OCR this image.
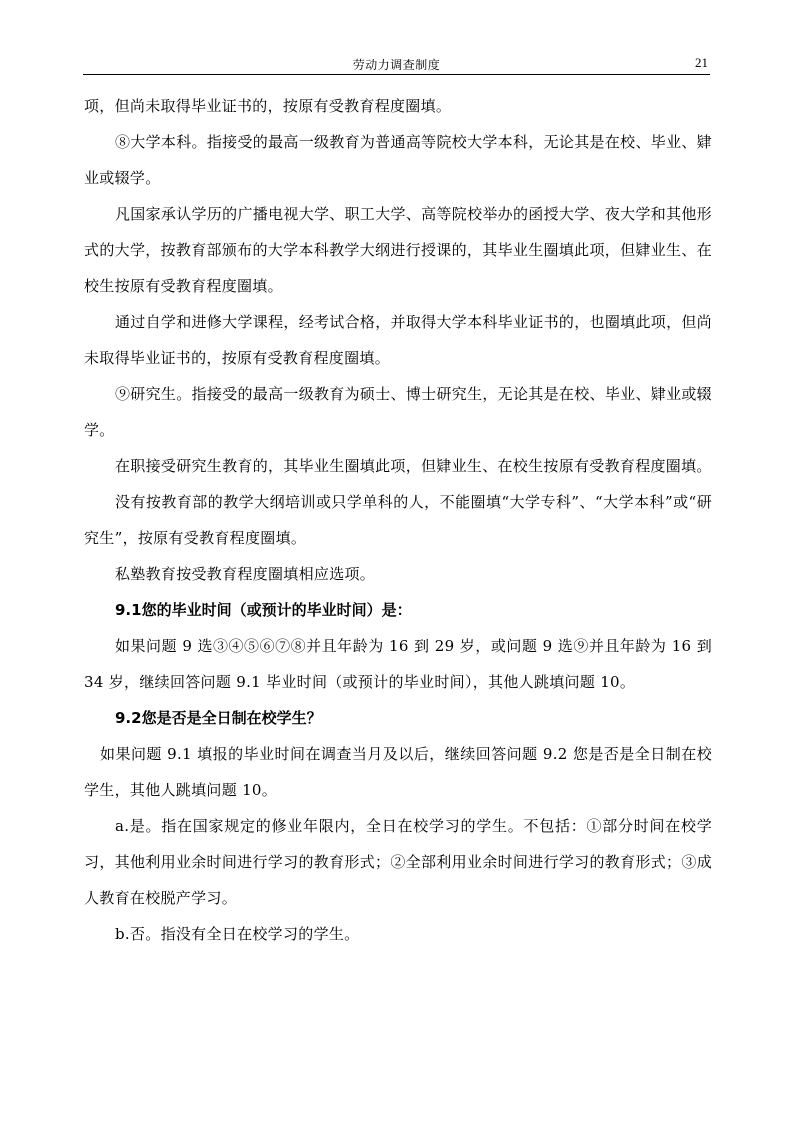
劳动力调查制度	21

项，但尚未取得毕业证书的，按原有受教育程度圈填。

⑧大学本科。指接受的最高一级教育为普通高等院校大学本科，无论其是在校、毕业、肄业或辍学。

凡国家承认学历的广播电视大学、职工大学、高等院校举办的函授大学、夜大学和其他形式的大学，按教育部颁布的大学本科教学大纲进行授课的，其毕业生圈填此项，但肄业生、在校生按原有受教育程度圈填。

通过自学和进修大学课程，经考试合格，并取得大学本科毕业证书的，也圈填此项，但尚未取得毕业证书的，按原有受教育程度圈填。

⑨研究生。指接受的最高一级教育为硕士、博士研究生，无论其是在校、毕业、肄业或辍学。

在职接受研究生教育的，其毕业生圈填此项，但肄业生、在校生按原有受教育程度圈填。

没有按教育部的教学大纲培训或只学单科的人，不能圈填“大学专科”、“大学本科”或“研究生”，按原有受教育程度圈填。

私塾教育按受教育程度圈填相应选项。

9.1您的毕业时间（或预计的毕业时间）是：

如果问题 9 选③④⑤⑥⑦⑧并且年龄为 16 到 29 岁，或问题 9 选⑨并且年龄为 16 到 34 岁，继续回答问题 9.1 毕业时间（或预计的毕业时间），其他人跳填问题 10。

9.2您是否是全日制在校学生？

如果问题 9.1 填报的毕业时间在调查当月及以后，继续回答问题 9.2 您是否是全日制在校学生，其他人跳填问题 10。

a.是。指在国家规定的修业年限内，全日在校学习的学生。不包括：①部分时间在校学习，其他利用业余时间进行学习的教育形式；②全部利用业余时间进行学习的教育形式；③成人教育在校脱产学习。

b.否。指没有全日在校学习的学生。
